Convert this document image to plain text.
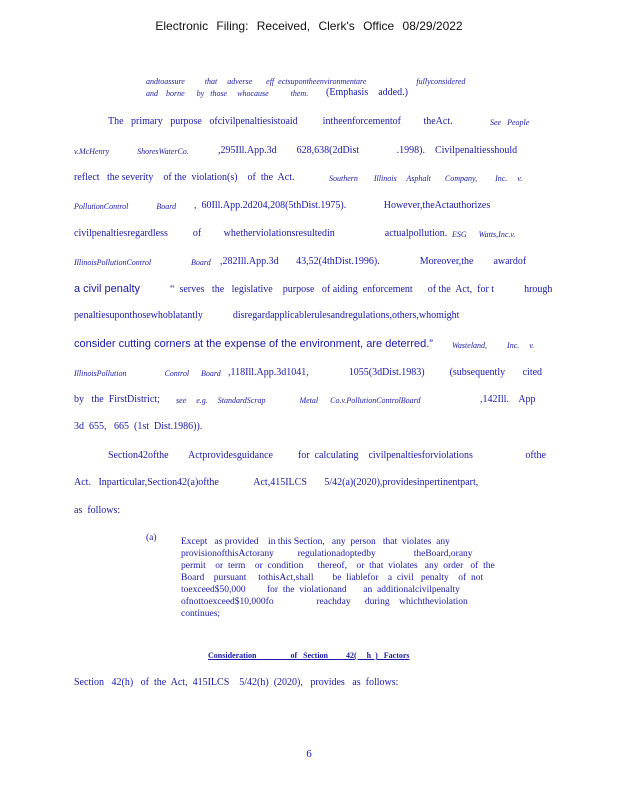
Electronic Filing: Received, Clerk's Office 08/29/2022
andtoassure          that     adverse       eff  ectsupontheenvironmentare                         fullyconsidered
and    borne      by   those     whocause           them. (Emphasis    added.)
The   primary   purpose   ofcivilpenaltiesistoaid          intheenforcementof         theAct.	See   People
v.McHenry              ShoresWaterCo.	,295Ill.App.3d        628,638(2dDist               .1998).    Civilpenaltiesshould
reflect   the severity    of the  violation(s)    of  the  Act.	Southern        Illinois     Asphalt       Company,         Inc.     v.
PollutionControl              Board ,  60Ill.App.2d204,208(5thDist.1975).               However,theActauthorizes
civilpenaltiesregardless          of         whetherviolationsresultedin                    actualpollution. ESG      Watts,Inc.v.
IllinoisPollutionControl                    Board ,282Ill.App.3d       43,52(4thDist.1996).                Moreover,the        awardof
a civil penalty	“  serves   the   legislative    purpose   of aiding  enforcement      of the  Act,  for t            hrough
penaltiesuponthosewhoblatantly            disregardapplicablerulesandregulations,others,whomight
consider cutting corners at the expense of the environment, are deterred.” Wasteland,          Inc.     v.
IllinoisPollution                   Control      Board ,118Ill.App.3d1041,                1055(3dDist.1983)          (subsequently       cited
by   the  FirstDistrict; see     e.g.     StandardScrap                 Metal      Co.v.PollutionControlBoard	,142Ill.    App
3d  655,   665  (1st  Dist.1986)).
Section42ofthe        Actprovidesguidance          for  calculating    civilpenaltiesforviolations                     ofthe
Act.   Inparticular,Section42(a)ofthe              Act,415ILCS       5/42(a)(2020),providesinpertinentpart,
as  follows:
(a)	Except   as provided    in this Section,   any  person   that  violates  any
provisionofthisActorany          regulationadoptedby                theBoard,orany
permit    or  term    or  condition      thereof,    or  that  violates   any  order   of  the
Board    pursuant     tothisAct,shall        be  liablefor    a  civil   penalty    of  not
toexceed$50,000         for  the  violationand       an  additionalcivilpenalty
ofnottoexceed$10,000fo                  reachday      during    whichtheviolation
continues;
Consideration                 of   Section         42(     h  )   Factors
Section   42(h)   of  the  Act,  415ILCS    5/42(h)  (2020),   provides   as  follows:
6
